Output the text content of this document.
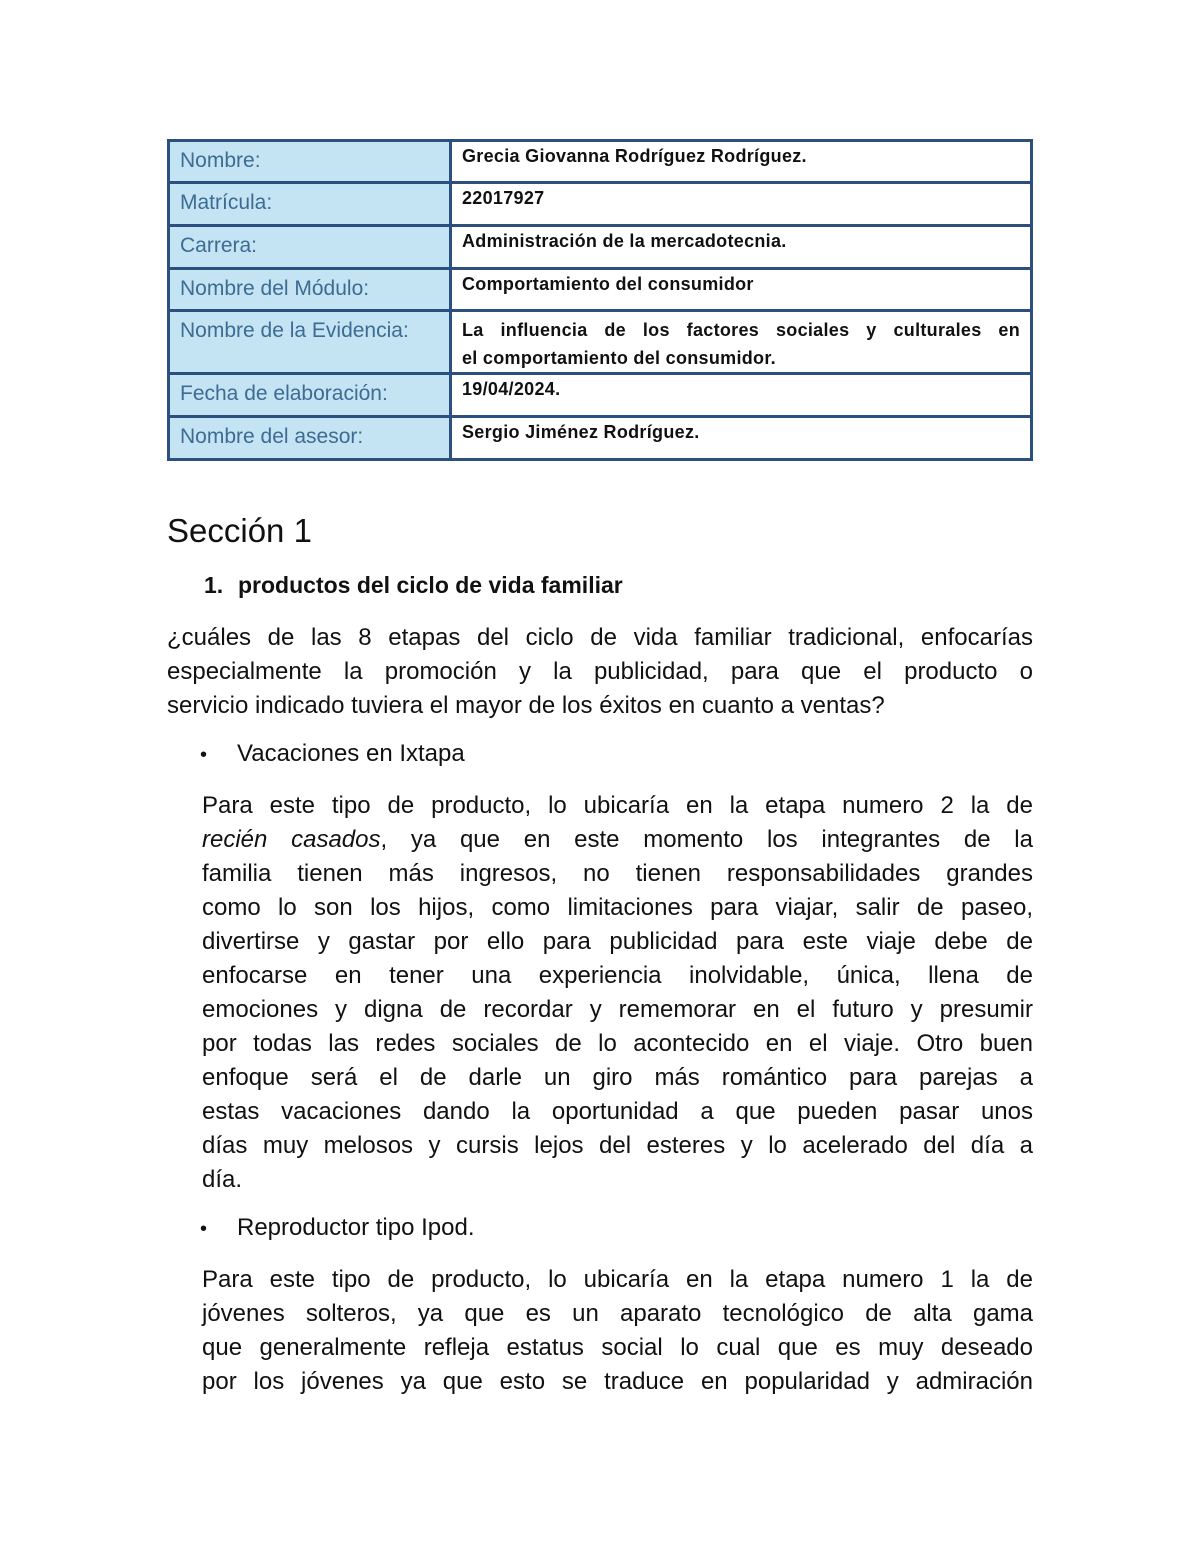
Nombre:	Grecia Giovanna Rodríguez Rodríguez.
Matrícula:	22017927
Carrera:	Administración de la mercadotecnia.
Nombre del Módulo:	Comportamiento del consumidor
Nombre de la Evidencia:	La influencia de los factores sociales y culturales en
el comportamiento del consumidor.

Fecha de elaboración:	19/04/2024.
Nombre del asesor:	Sergio Jiménez Rodríguez.
Sección 1
1. productos del ciclo de vida familiar
¿cuáles de las 8 etapas del ciclo de vida familiar tradicional, enfocarías
especialmente la promoción y la publicidad, para que el producto o
servicio indicado tuviera el mayor de los éxitos en cuanto a ventas?
• Vacaciones en Ixtapa
Para este tipo de producto, lo ubicaría en la etapa numero 2 la de
recién casados, ya que en este momento los integrantes de la
familia tienen más ingresos, no tienen responsabilidades grandes
como lo son los hijos, como limitaciones para viajar, salir de paseo,
divertirse y gastar por ello para publicidad para este viaje debe de
enfocarse en tener una experiencia inolvidable, única, llena de
emociones y digna de recordar y rememorar en el futuro y presumir
por todas las redes sociales de lo acontecido en el viaje. Otro buen
enfoque será el de darle un giro más romántico para parejas a
estas vacaciones dando la oportunidad a que pueden pasar unos
días muy melosos y cursis lejos del esteres y lo acelerado del día a
día.
• Reproductor tipo Ipod.
Para este tipo de producto, lo ubicaría en la etapa numero 1 la de
jóvenes solteros, ya que es un aparato tecnológico de alta gama
que generalmente refleja estatus social lo cual que es muy deseado
por los jóvenes ya que esto se traduce en popularidad y admiración
